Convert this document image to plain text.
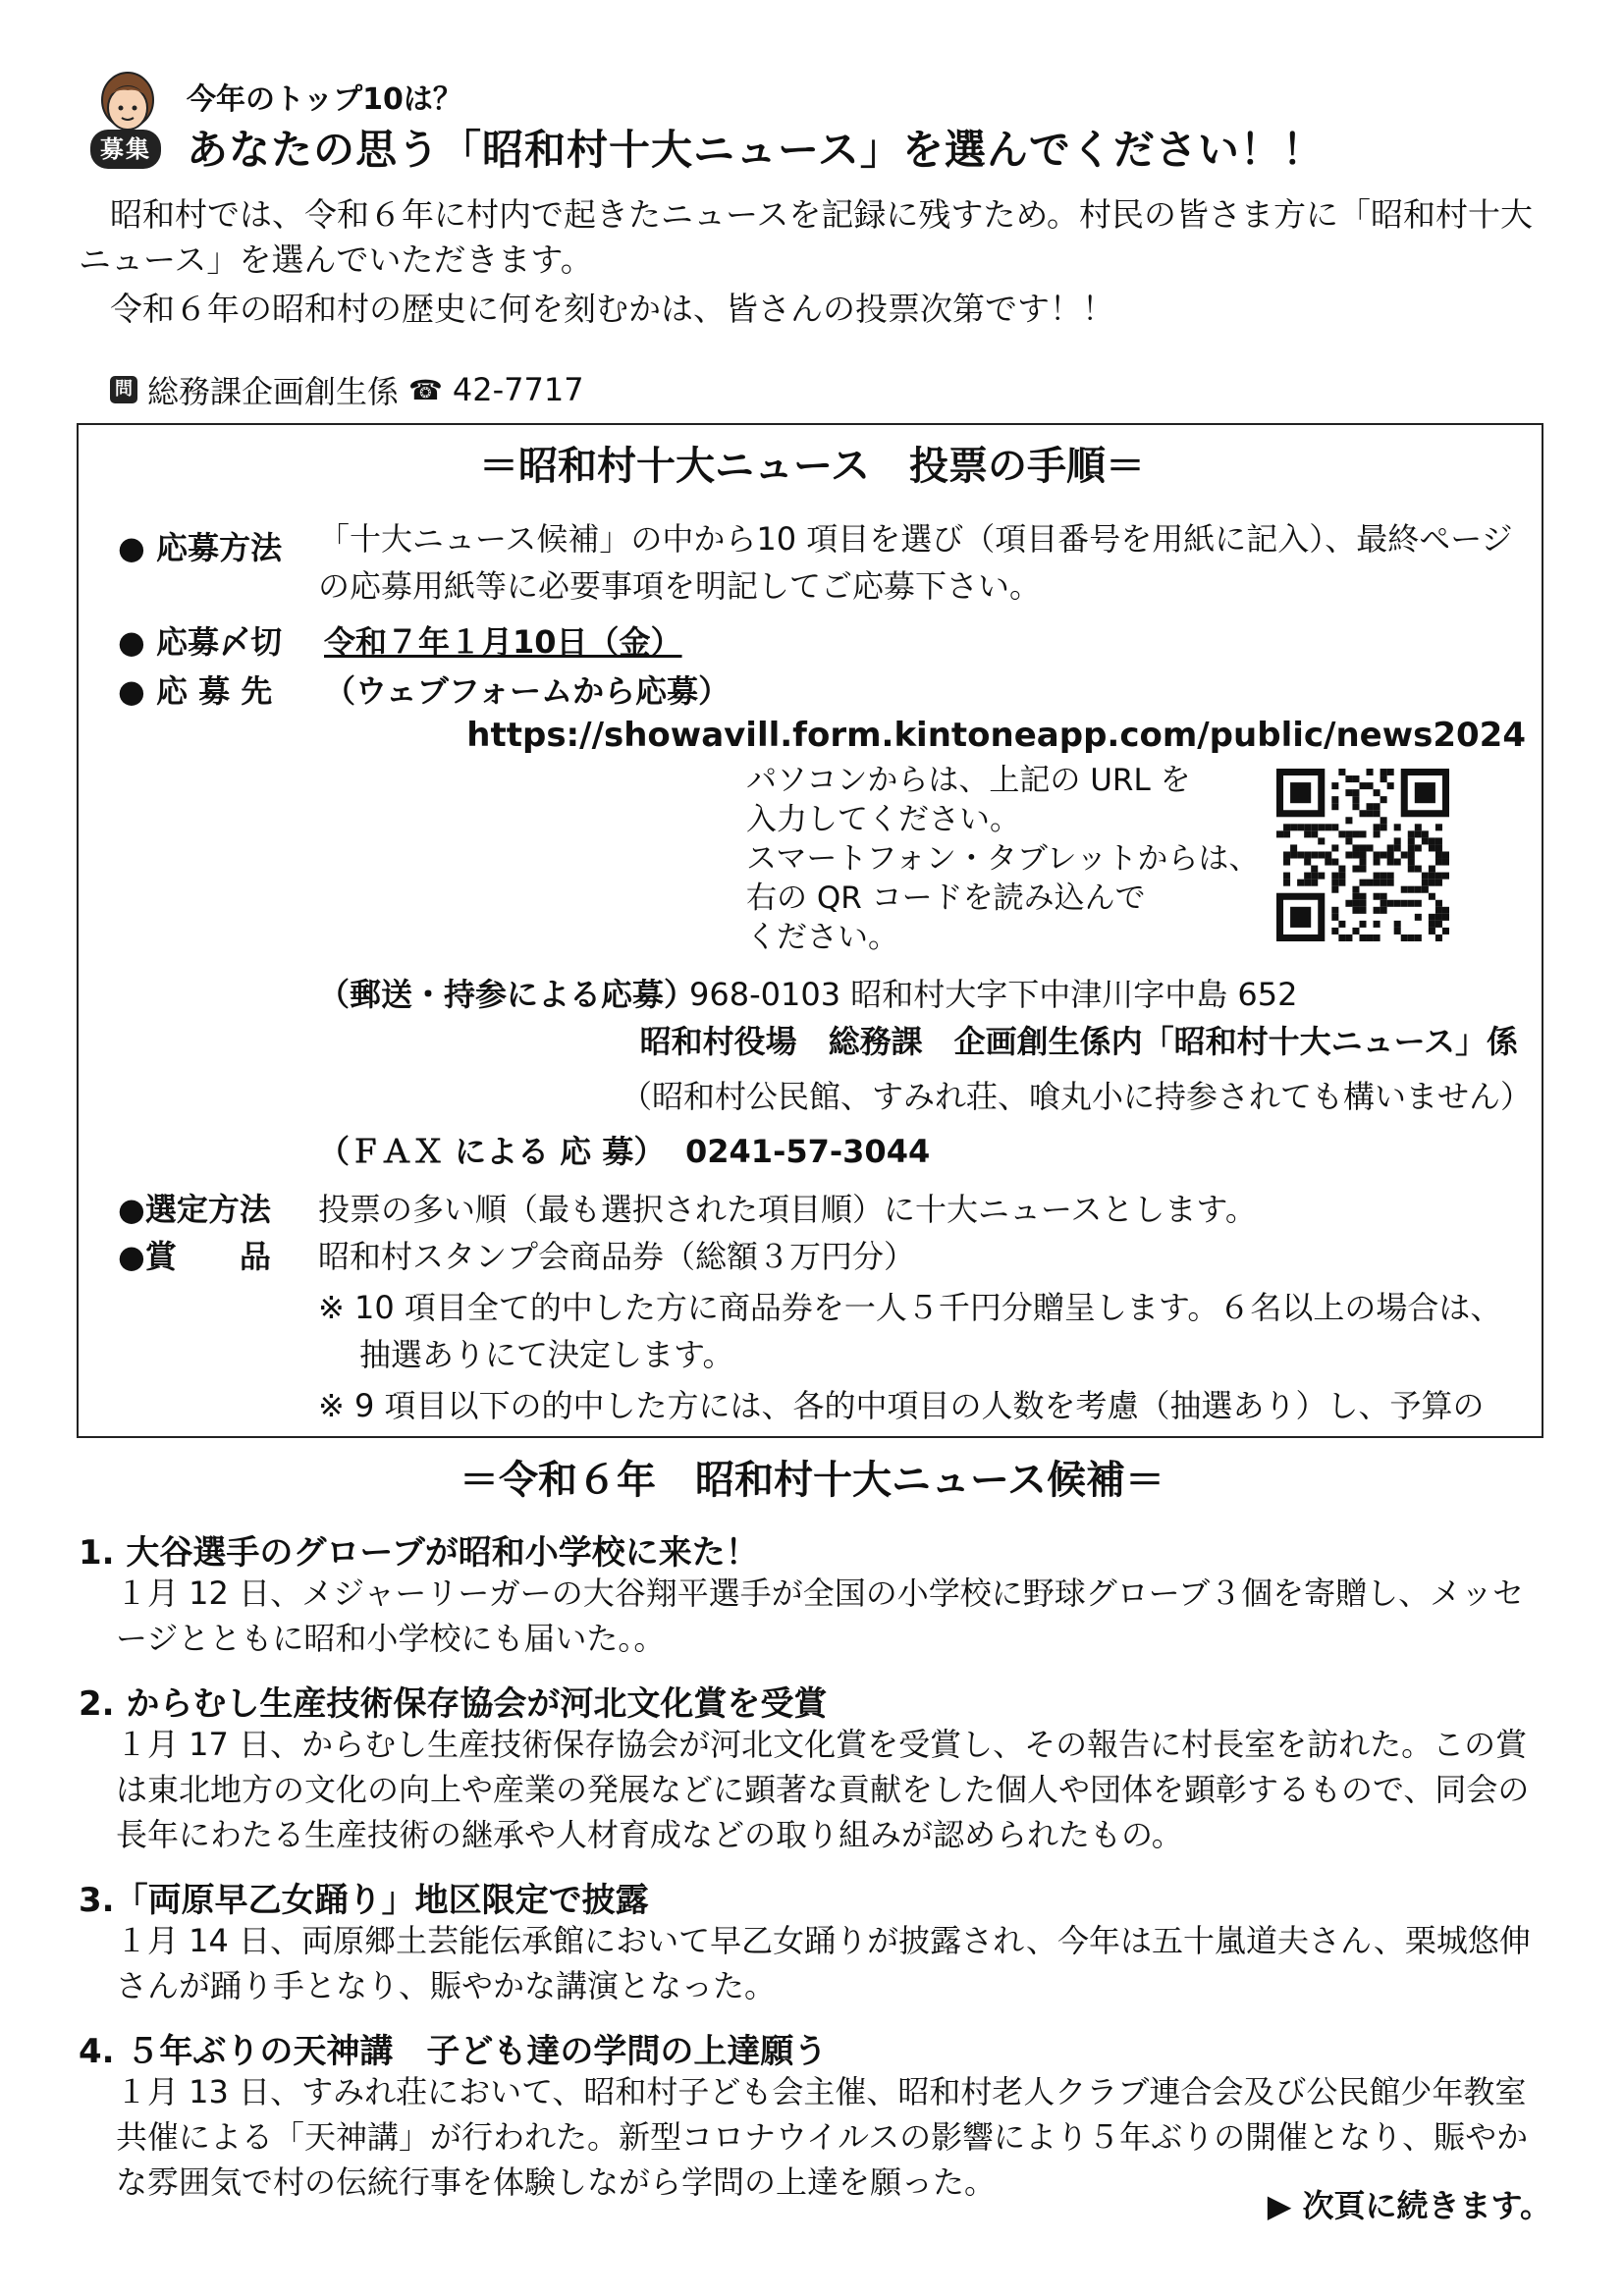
募集
今年のトップ10は？
あなたの思う「昭和村十大ニュース」を選んでください！！
昭和村では、令和６年に村内で起きたニュースを記録に残すため。村民の皆さま方に「昭和村十大ニュース」を選んでいただきます。
令和６年の昭和村の歴史に何を刻むかは、皆さんの投票次第です！！
問 総務課企画創生係 ☎ 42-7717
＝昭和村十大ニュース　投票の手順＝
● 応募方法 「十大ニュース候補」の中から10 項目を選び（項目番号を用紙に記入）、最終ページの応募用紙等に必要事項を明記してご応募下さい。
● 応募〆切 令和７年１月10日（金）
● 応 募 先 （ウェブフォームから応募）
https://showavill.form.kintoneapp.com/public/news2024
パソコンからは、上記の URL を
入力してください。
スマートフォン・タブレットからは、
右の QR コードを読み込んで
ください。
（郵送・持参による応募）
968-0103 昭和村大字下中津川字中島 652
昭和村役場　総務課　企画創生係内「昭和村十大ニュース」係
（昭和村公民館、すみれ荘、喰丸小に持参されても構いません）
（ＦＡＸ による 応 募） 0241-57-3044
●選定方法 投票の多い順（最も選択された項目順）に十大ニュースとします。
●賞　　品 昭和村スタンプ会商品券（総額３万円分）
※ 10 項目全て的中した方に商品券を一人５千円分贈呈します。６名以上の場合は、
抽選ありにて決定します。
※ 9 項目以下の的中した方には、各的中項目の人数を考慮（抽選あり）し、予算の
＝令和６年　昭和村十大ニュース候補＝
1. 大谷選手のグローブが昭和小学校に来た！
１月 12 日、メジャーリーガーの大谷翔平選手が全国の小学校に野球グローブ３個を寄贈し、メッセージとともに昭和小学校にも届いた。。
2. からむし生産技術保存協会が河北文化賞を受賞
１月 17 日、からむし生産技術保存協会が河北文化賞を受賞し、その報告に村長室を訪れた。この賞は東北地方の文化の向上や産業の発展などに顕著な貢献をした個人や団体を顕彰するもので、同会の長年にわたる生産技術の継承や人材育成などの取り組みが認められたもの。
3.「両原早乙女踊り」地区限定で披露
１月 14 日、両原郷土芸能伝承館において早乙女踊りが披露され、今年は五十嵐道夫さん、栗城悠伸さんが踊り手となり、賑やかな講演となった。
4. ５年ぶりの天神講　子ども達の学問の上達願う
１月 13 日、すみれ荘において、昭和村子ども会主催、昭和村老人クラブ連合会及び公民館少年教室共催による「天神講」が行われた。新型コロナウイルスの影響により５年ぶりの開催となり、賑やかな雰囲気で村の伝統行事を体験しながら学問の上達を願った。
▶ 次頁に続きます。
